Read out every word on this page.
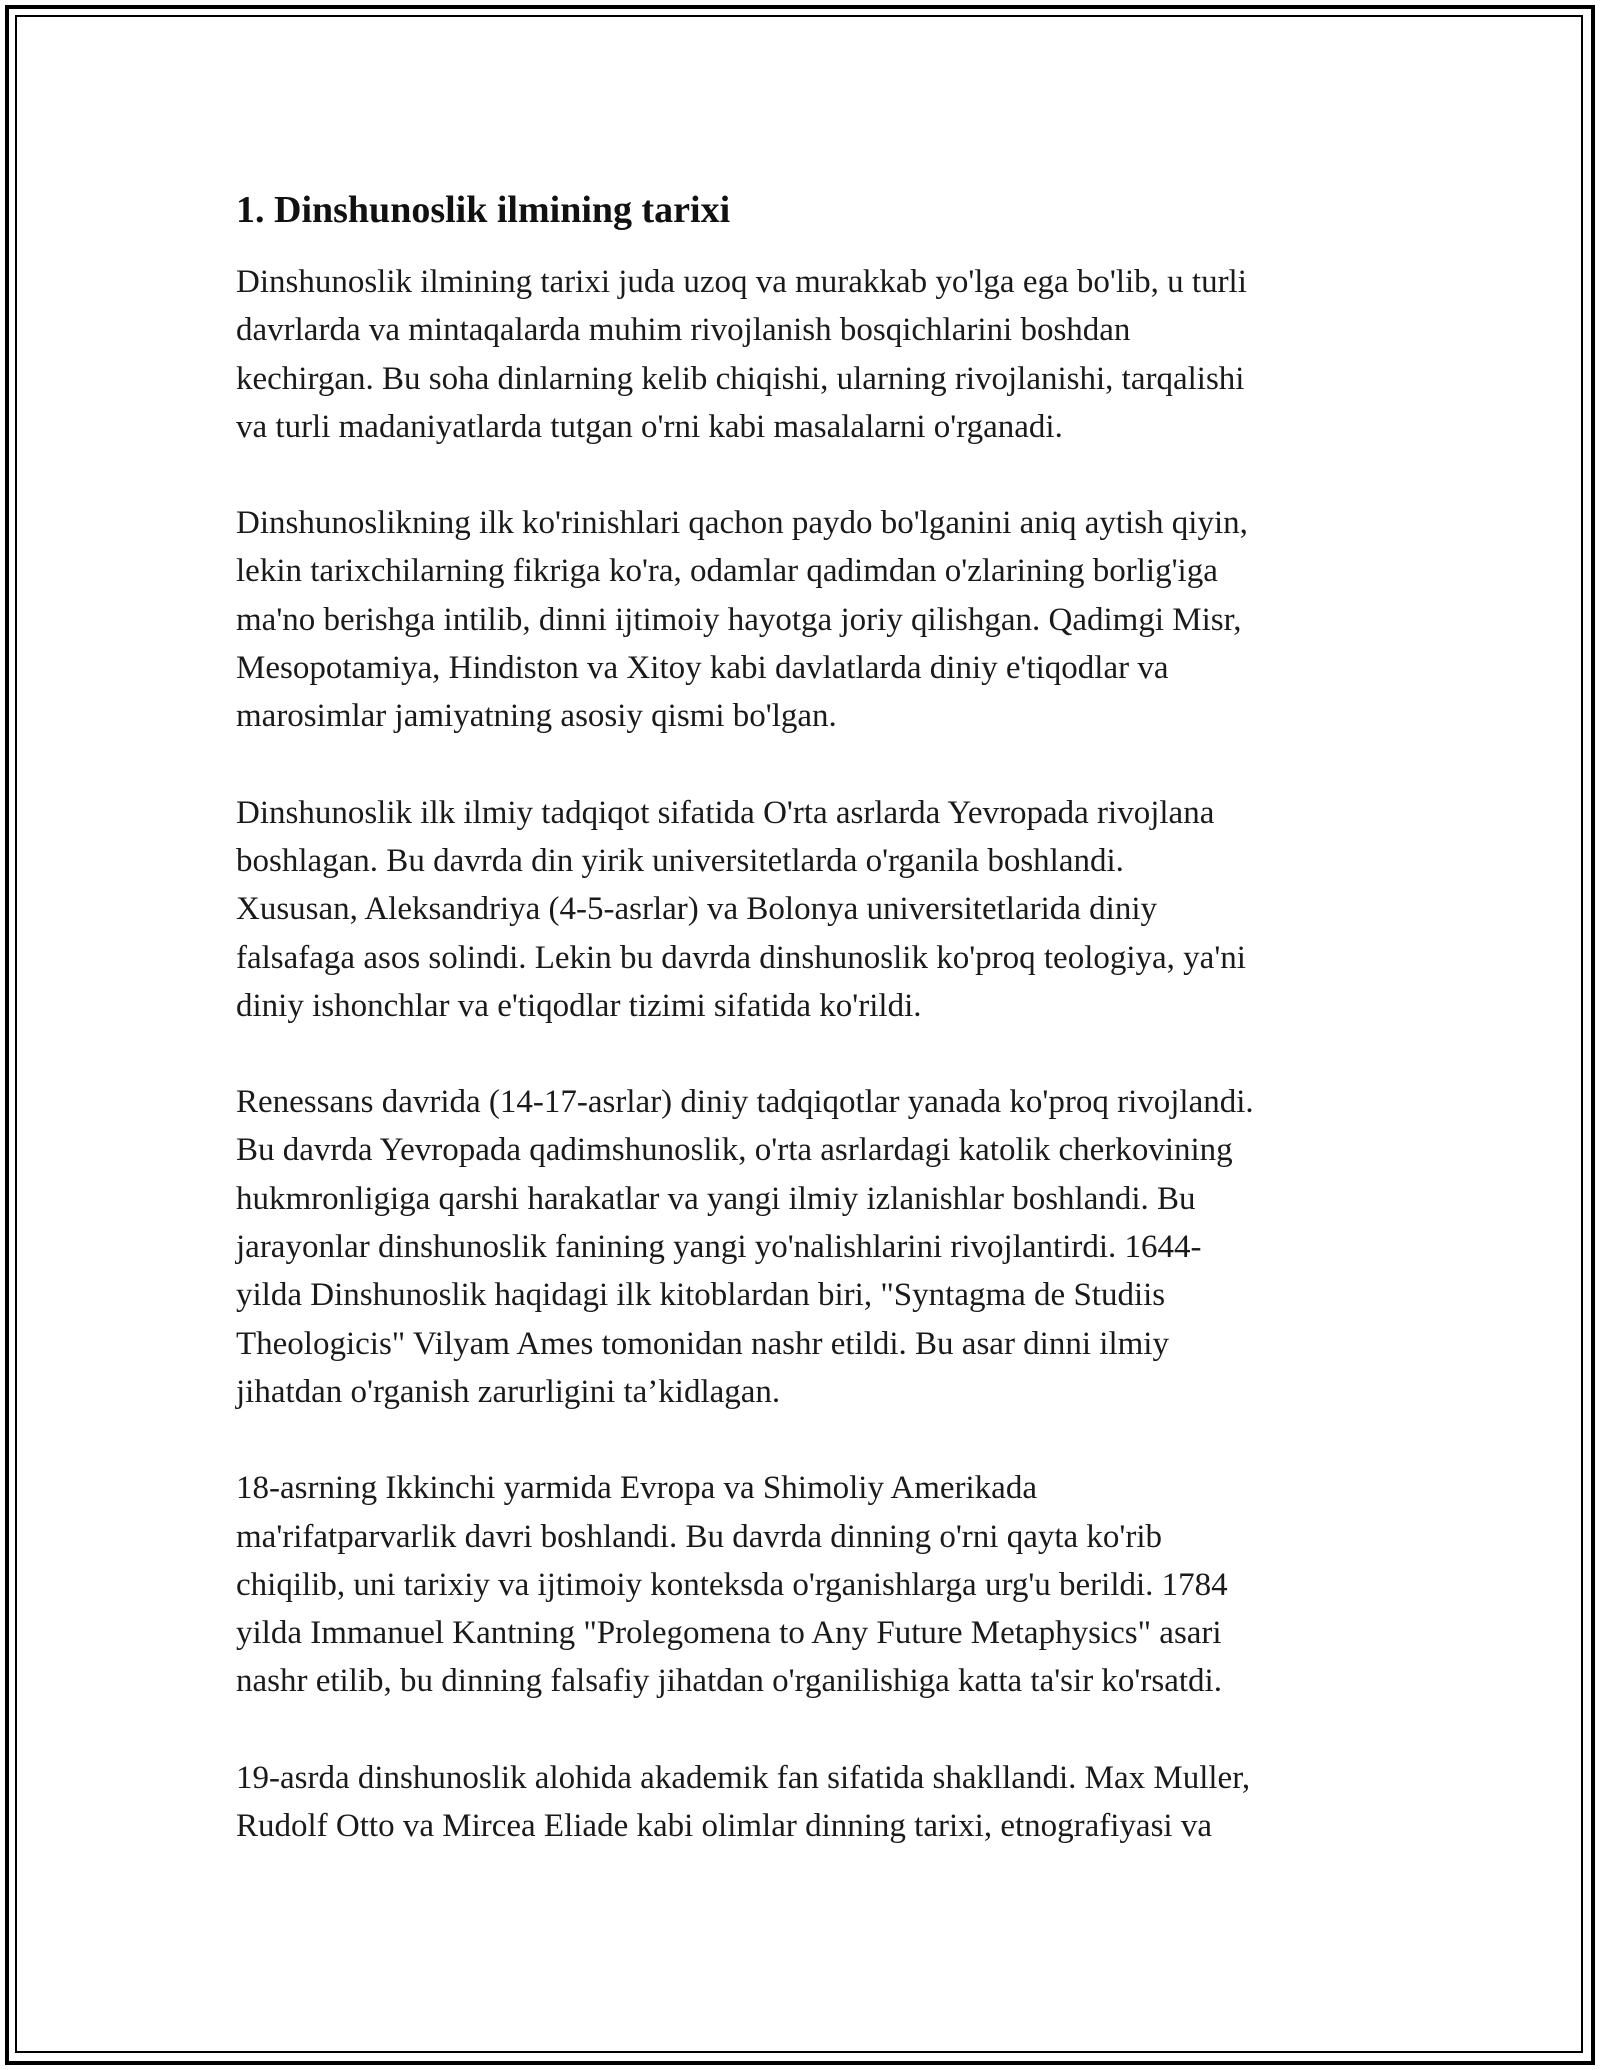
1. Dinshunoslik ilmining tarixi

Dinshunoslik ilmining tarixi juda uzoq va murakkab yo'lga ega bo'lib, u turli
davrlarda va mintaqalarda muhim rivojlanish bosqichlarini boshdan
kechirgan. Bu soha dinlarning kelib chiqishi, ularning rivojlanishi, tarqalishi
va turli madaniyatlarda tutgan o'rni kabi masalalarni o'rganadi.

Dinshunoslikning ilk ko'rinishlari qachon paydo bo'lganini aniq aytish qiyin,
lekin tarixchilarning fikriga ko'ra, odamlar qadimdan o'zlarining borlig'iga
ma'no berishga intilib, dinni ijtimoiy hayotga joriy qilishgan. Qadimgi Misr,
Mesopotamiya, Hindiston va Xitoy kabi davlatlarda diniy e'tiqodlar va
marosimlar jamiyatning asosiy qismi bo'lgan.

Dinshunoslik ilk ilmiy tadqiqot sifatida O'rta asrlarda Yevropada rivojlana
boshlagan. Bu davrda din yirik universitetlarda o'rganila boshlandi.
Xususan, Aleksandriya (4-5-asrlar) va Bolonya universitetlarida diniy
falsafaga asos solindi. Lekin bu davrda dinshunoslik ko'proq teologiya, ya'ni
diniy ishonchlar va e'tiqodlar tizimi sifatida ko'rildi.

Renessans davrida (14-17-asrlar) diniy tadqiqotlar yanada ko'proq rivojlandi.
Bu davrda Yevropada qadimshunoslik, o'rta asrlardagi katolik cherkovining
hukmronligiga qarshi harakatlar va yangi ilmiy izlanishlar boshlandi. Bu
jarayonlar dinshunoslik fanining yangi yo'nalishlarini rivojlantirdi. 1644-
yilda Dinshunoslik haqidagi ilk kitoblardan biri, "Syntagma de Studiis
Theologicis" Vilyam Ames tomonidan nashr etildi. Bu asar dinni ilmiy
jihatdan o'rganish zarurligini ta’kidlagan.

18-asrning Ikkinchi yarmida Evropa va Shimoliy Amerikada
ma'rifatparvarlik davri boshlandi. Bu davrda dinning o'rni qayta ko'rib
chiqilib, uni tarixiy va ijtimoiy konteksda o'rganishlarga urg'u berildi. 1784
yilda Immanuel Kantning "Prolegomena to Any Future Metaphysics" asari
nashr etilib, bu dinning falsafiy jihatdan o'rganilishiga katta ta'sir ko'rsatdi.

19-asrda dinshunoslik alohida akademik fan sifatida shakllandi. Max Muller,
Rudolf Otto va Mircea Eliade kabi olimlar dinning tarixi, etnografiyasi va
